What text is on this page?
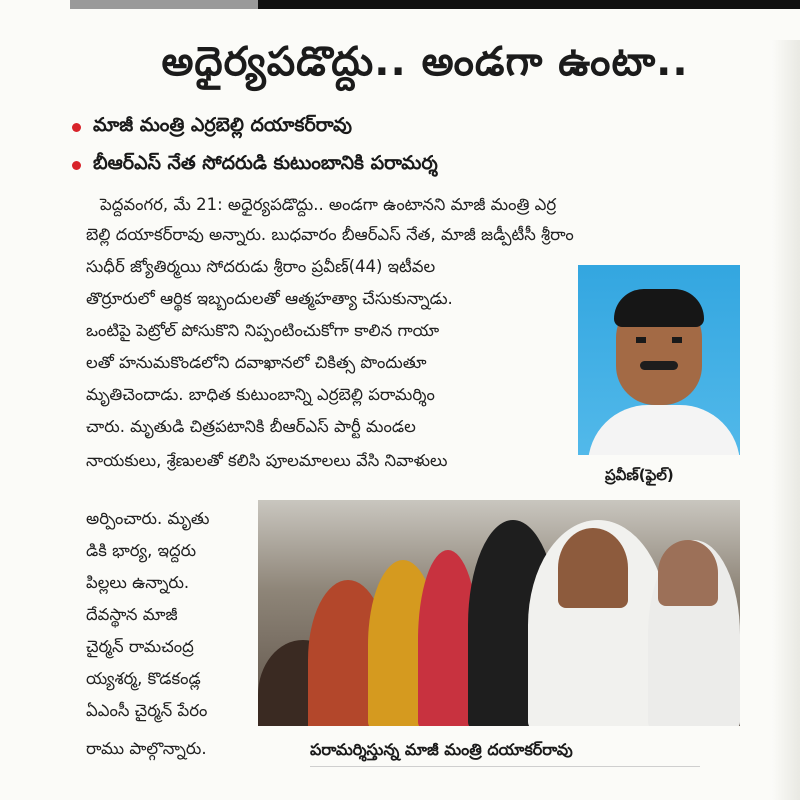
అధైర్యపడొద్దు.. అండగా ఉంటా..
మాజీ మంత్రి ఎర్రబెల్లి దయాకర్‌రావు
బీఆర్‌ఎస్‌ నేత సోదరుడి కుటుంబానికి పరామర్శ
పెద్దవంగర, మే 21: అధైర్యపడొద్దు.. అండగా ఉంటానని మాజీ మంత్రి ఎర్ర
బెల్లి దయాకర్‌రావు అన్నారు. బుధవారం బీఆర్‌ఎస్‌ నేత, మాజీ జడ్పీటీసీ శ్రీరాం
సుధీర్‌ జ్యోతిర్మయి సోదరుడు శ్రీరాం ప్రవీణ్‌(44) ఇటీవల
తొర్రూరులో ఆర్థిక ఇబ్బందులతో ఆత్మహత్యా చేసుకున్నాడు.
ఒంటిపై పెట్రోల్‌ పోసుకొని నిప్పంటించుకోగా కాలిన గాయా
లతో హనుమకొండలోని దవాఖానలో చికిత్స పొందుతూ
మృతిచెందాడు. బాధిత కుటుంబాన్ని ఎర్రబెల్లి పరామర్శిం
చారు. మృతుడి చిత్రపటానికి బీఆర్‌ఎస్‌ పార్టీ మండల
నాయకులు, శ్రేణులతో కలిసి పూలమాలలు వేసి నివాళులు
అర్పించారు. మృతు
డికి భార్య, ఇద్దరు
పిల్లలు ఉన్నారు.
దేవస్థాన మాజీ
చైర్మన్‌ రామచంద్ర
య్యశర్మ, కొడకండ్ల
ఏఎంసీ చైర్మన్‌ పేరం
రాము పాల్గొన్నారు.
ప్రవీణ్‌(ఫైల్‌)
పరామర్శిస్తున్న మాజీ మంత్రి దయాకర్‌రావు
